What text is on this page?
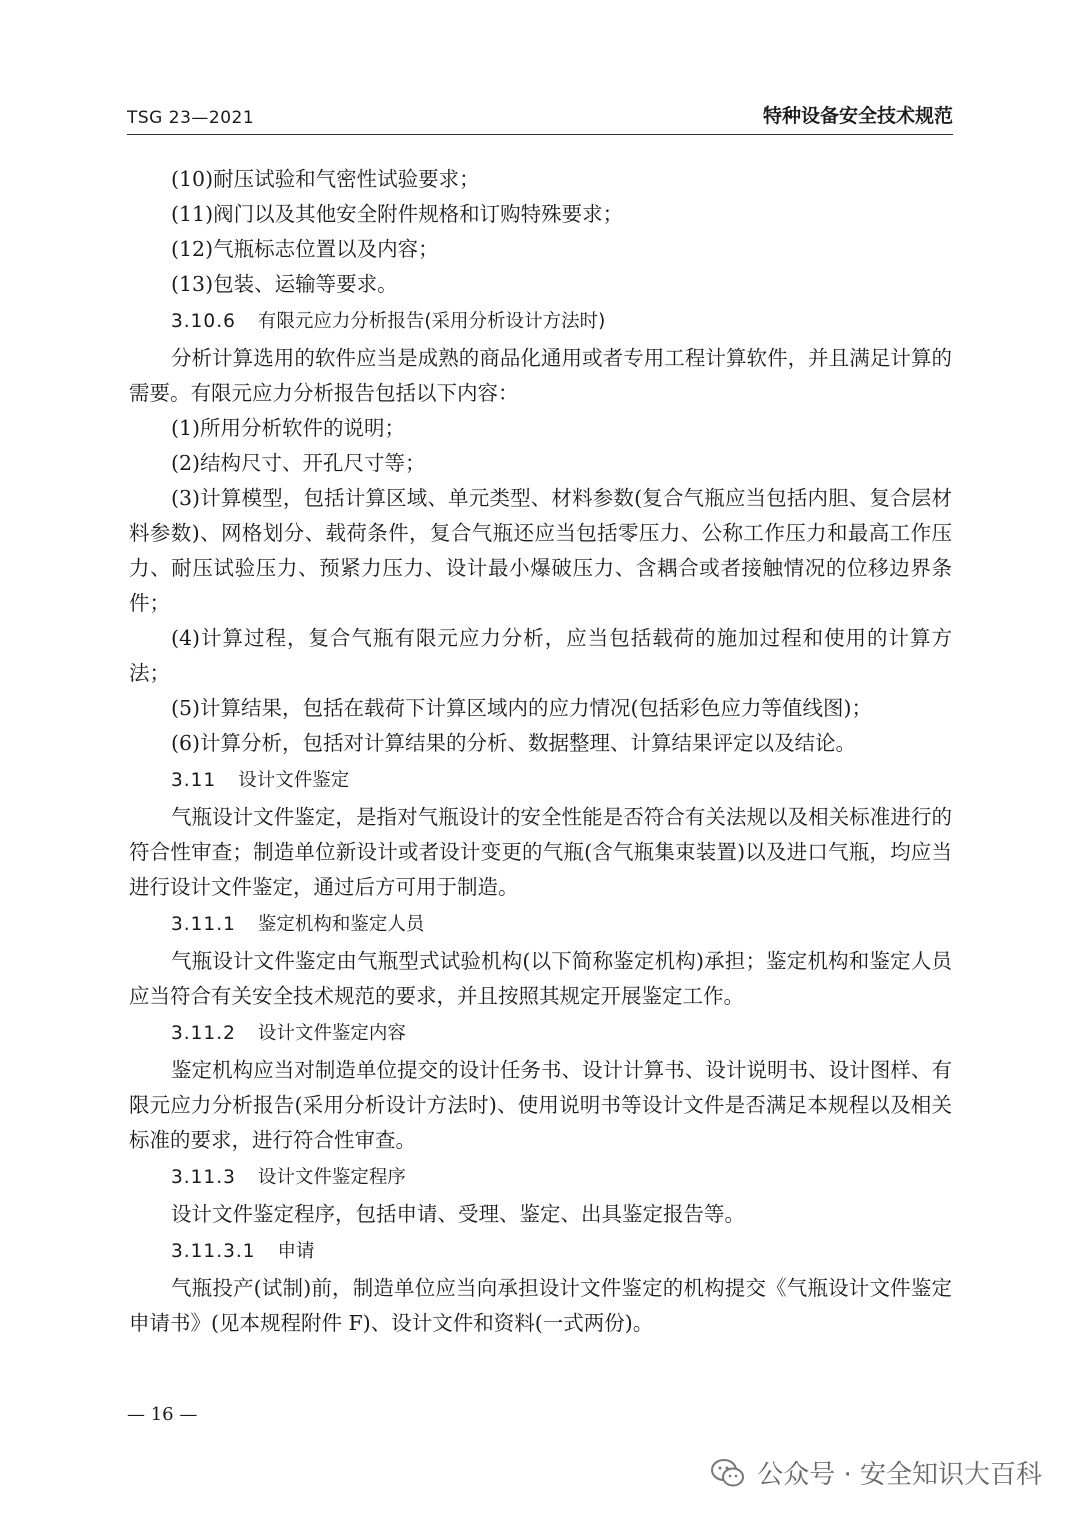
TSG 23—2021	特种设备安全技术规范

(10)耐压试验和气密性试验要求；

(11)阀门以及其他安全附件规格和订购特殊要求；

(12)气瓶标志位置以及内容；

(13)包装、运输等要求。

3.10.6 有限元应力分析报告(采用分析设计方法时)

分析计算选用的软件应当是成熟的商品化通用或者专用工程计算软件，并且满足计算的需要。有限元应力分析报告包括以下内容：

(1)所用分析软件的说明；

(2)结构尺寸、开孔尺寸等；

(3)计算模型，包括计算区域、单元类型、材料参数(复合气瓶应当包括内胆、复合层材料参数)、网格划分、载荷条件，复合气瓶还应当包括零压力、公称工作压力和最高工作压力、耐压试验压力、预紧力压力、设计最小爆破压力、含耦合或者接触情况的位移边界条件；

(4)计算过程，复合气瓶有限元应力分析，应当包括载荷的施加过程和使用的计算方法；

(5)计算结果，包括在载荷下计算区域内的应力情况(包括彩色应力等值线图)；

(6)计算分析，包括对计算结果的分析、数据整理、计算结果评定以及结论。

3.11 设计文件鉴定

气瓶设计文件鉴定，是指对气瓶设计的安全性能是否符合有关法规以及相关标准进行的符合性审查；制造单位新设计或者设计变更的气瓶(含气瓶集束装置)以及进口气瓶，均应当进行设计文件鉴定，通过后方可用于制造。

3.11.1 鉴定机构和鉴定人员

气瓶设计文件鉴定由气瓶型式试验机构(以下简称鉴定机构)承担；鉴定机构和鉴定人员应当符合有关安全技术规范的要求，并且按照其规定开展鉴定工作。

3.11.2 设计文件鉴定内容

鉴定机构应当对制造单位提交的设计任务书、设计计算书、设计说明书、设计图样、有限元应力分析报告(采用分析设计方法时)、使用说明书等设计文件是否满足本规程以及相关标准的要求，进行符合性审查。

3.11.3 设计文件鉴定程序

设计文件鉴定程序，包括申请、受理、鉴定、出具鉴定报告等。

3.11.3.1 申请

气瓶投产(试制)前，制造单位应当向承担设计文件鉴定的机构提交《气瓶设计文件鉴定申请书》(见本规程附件 F)、设计文件和资料(一式两份)。

— 16 —
公众号 · 安全知识大百科
